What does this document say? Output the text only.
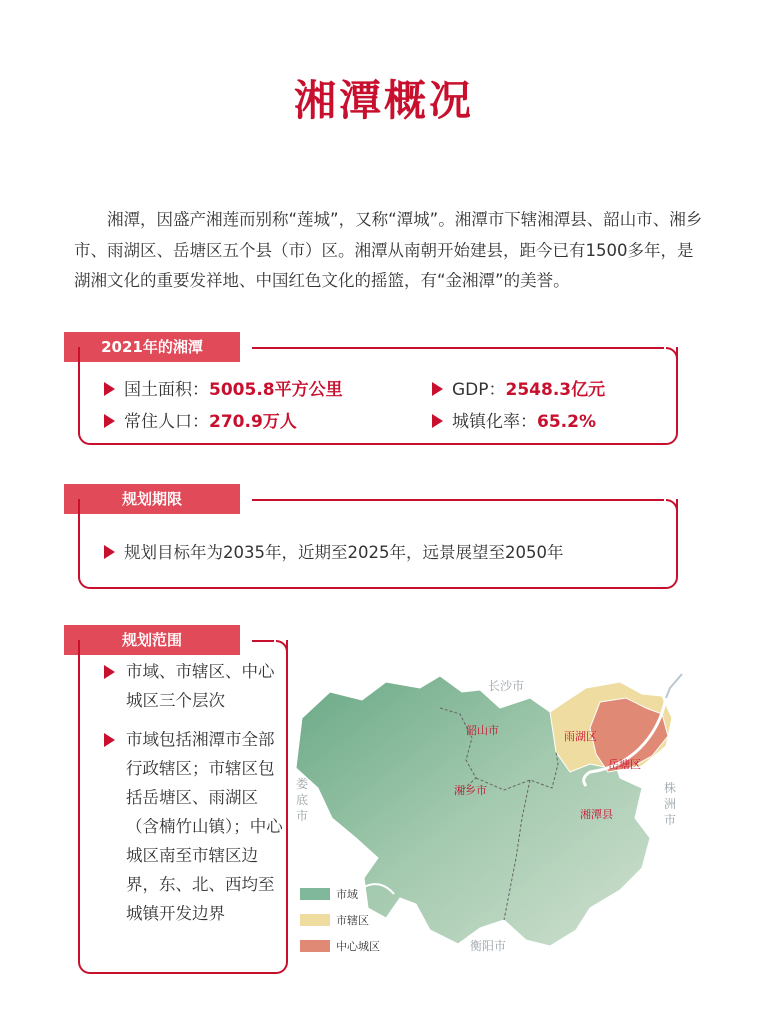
湘潭概况

湘潭，因盛产湘莲而别称“莲城”，又称“潭城”。湘潭市下辖湘潭县、韶山市、湘乡市、雨湖区、岳塘区五个县（市）区。湘潭从南朝开始建县，距今已有1500多年，是湖湘文化的重要发祥地、中国红色文化的摇篮，有“金湘潭”的美誉。

2021年的湘潭
国土面积：5005.8平方公里	GDP：2548.3亿元
常住人口：270.9万人	城镇化率：65.2%
规划期限
规划目标年为2035年，近期至2025年，远景展望至2050年
规划范围
市域、市辖区、中心城区三个层次
市域包括湘潭市全部行政辖区；市辖区包括岳塘区、雨湖区（含楠竹山镇）；中心城区南至市辖区边界，东、北、西均至城镇开发边界
长沙市
衡阳市
娄
底
市
株
洲
市
韶山市
湘乡市
湘潭县
雨湖区
岳塘区
市域
市辖区
中心城区
